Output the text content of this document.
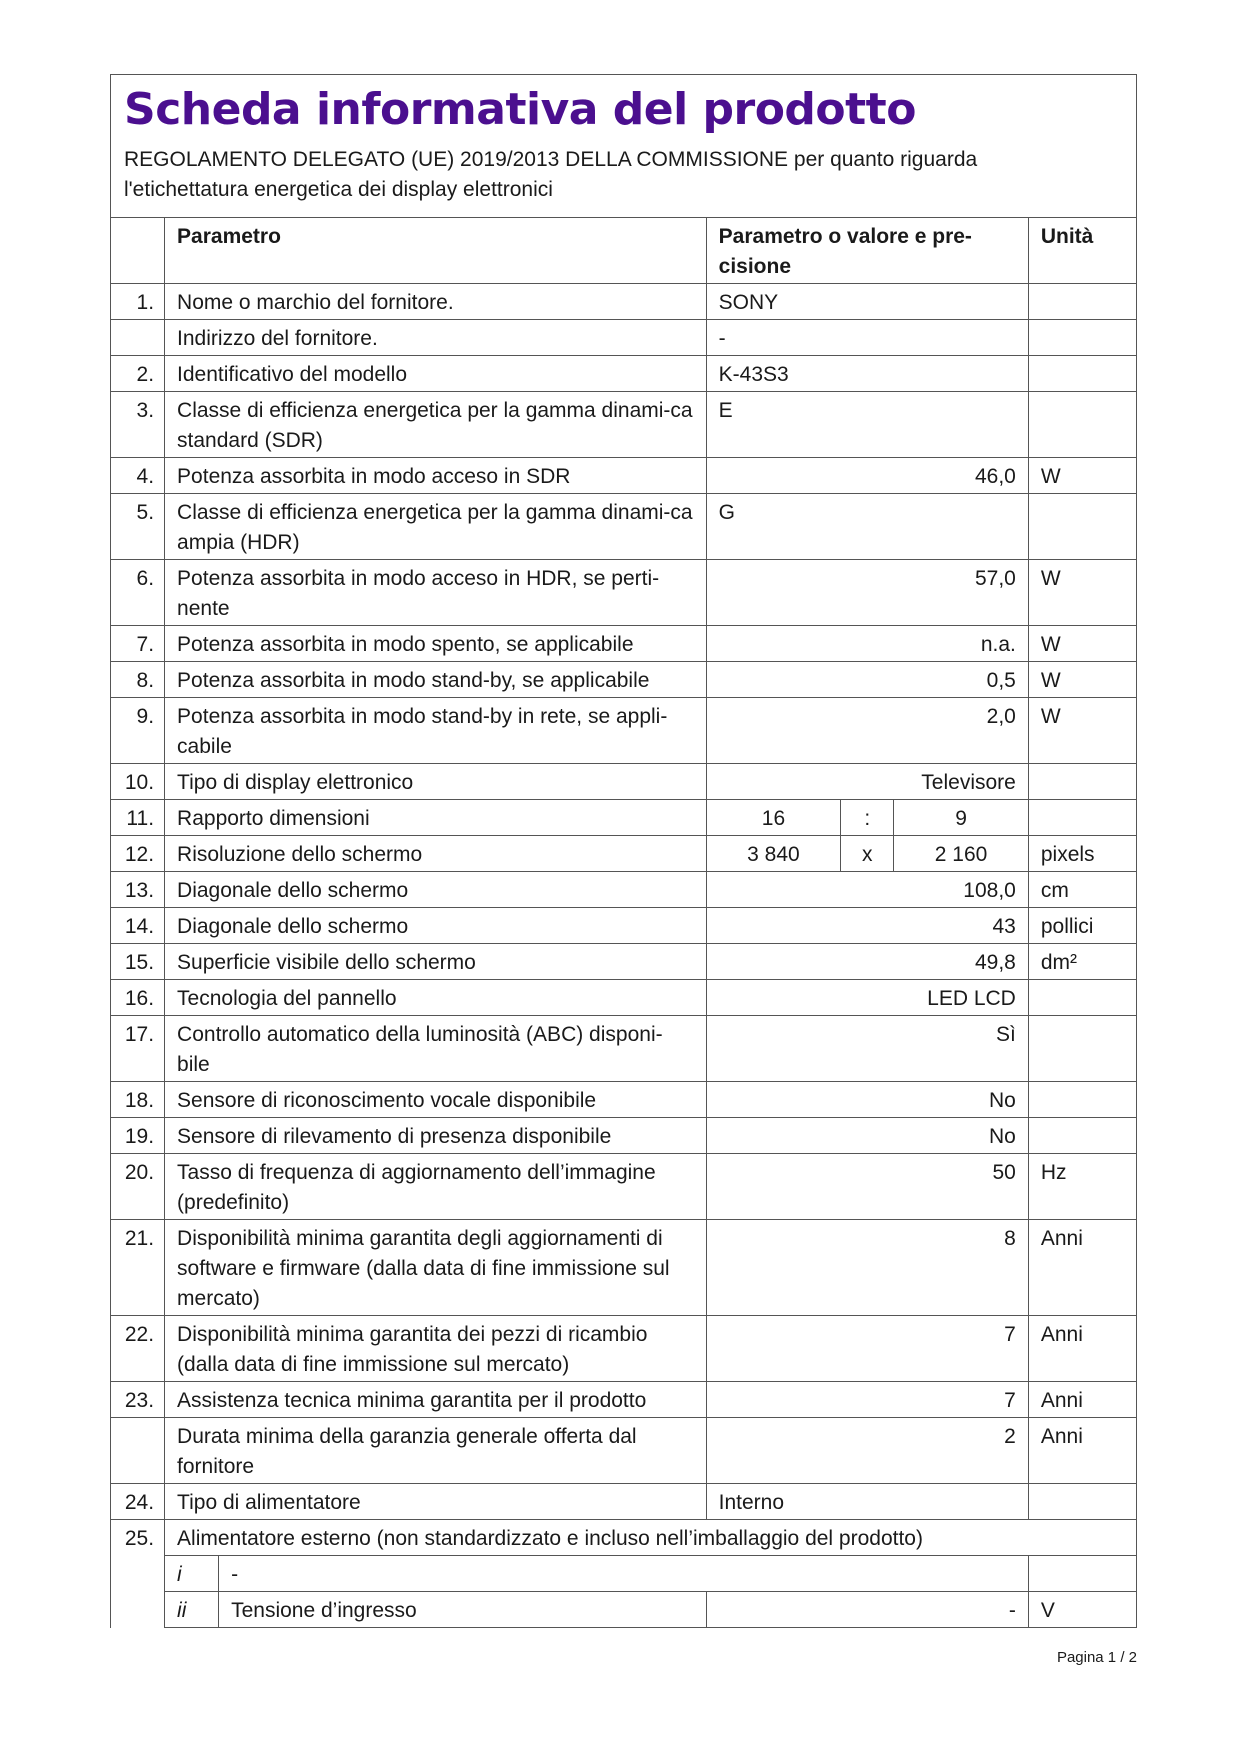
Scheda informativa del prodotto
REGOLAMENTO DELEGATO (UE) 2019/2013 DELLA COMMISSIONE per quanto riguarda l'etichettatura energetica dei display elettronici
	Parametro		Parametro o valore e pre-cisione			Unità
1.	Nome o marchio del fornitore.		SONY			
	Indirizzo del fornitore.		-			
2.	Identificativo del modello		K-43S3			
3.	Classe di efficienza energetica per la gamma dinami-ca standard (SDR)		E			
4.	Potenza assorbita in modo acceso in SDR		46,0			W
5.	Classe di efficienza energetica per la gamma dinami-ca ampia (HDR)		G			
6.	Potenza assorbita in modo acceso in HDR, se perti-nente		57,0			W
7.	Potenza assorbita in modo spento, se applicabile		n.a.			W
8.	Potenza assorbita in modo stand-by, se applicabile		0,5			W
9.	Potenza assorbita in modo stand-by in rete, se appli-cabile		2,0			W
10.	Tipo di display elettronico		Televisore			
11.	Rapporto dimensioni		16	:	9	
12.	Risoluzione dello schermo		3 840	x	2 160	pixels
13.	Diagonale dello schermo		108,0			cm
14.	Diagonale dello schermo		43			pollici
15.	Superficie visibile dello schermo		49,8			dm²
16.	Tecnologia del pannello		LED LCD			
17.	Controllo automatico della luminosità (ABC) disponi-bile		Sì			
18.	Sensore di riconoscimento vocale disponibile		No			
19.	Sensore di rilevamento di presenza disponibile		No			
20.	Tasso di frequenza di aggiornamento dell’immagine (predefinito)		50			Hz
21.	Disponibilità minima garantita degli aggiornamenti di software e firmware (dalla data di fine immissione sul mercato)		8			Anni
22.	Disponibilità minima garantita dei pezzi di ricambio (dalla data di fine immissione sul mercato)		7			Anni
23.	Assistenza tecnica minima garantita per il prodotto		7			Anni
	Durata minima della garanzia generale offerta dal fornitore		2			Anni
24.	Tipo di alimentatore		Interno			
25.	Alimentatore esterno (non standardizzato e incluso nell’imballaggio del prodotto)					
	i	-				
	ii	Tensione d’ingresso	-			V
Pagina 1 / 2
